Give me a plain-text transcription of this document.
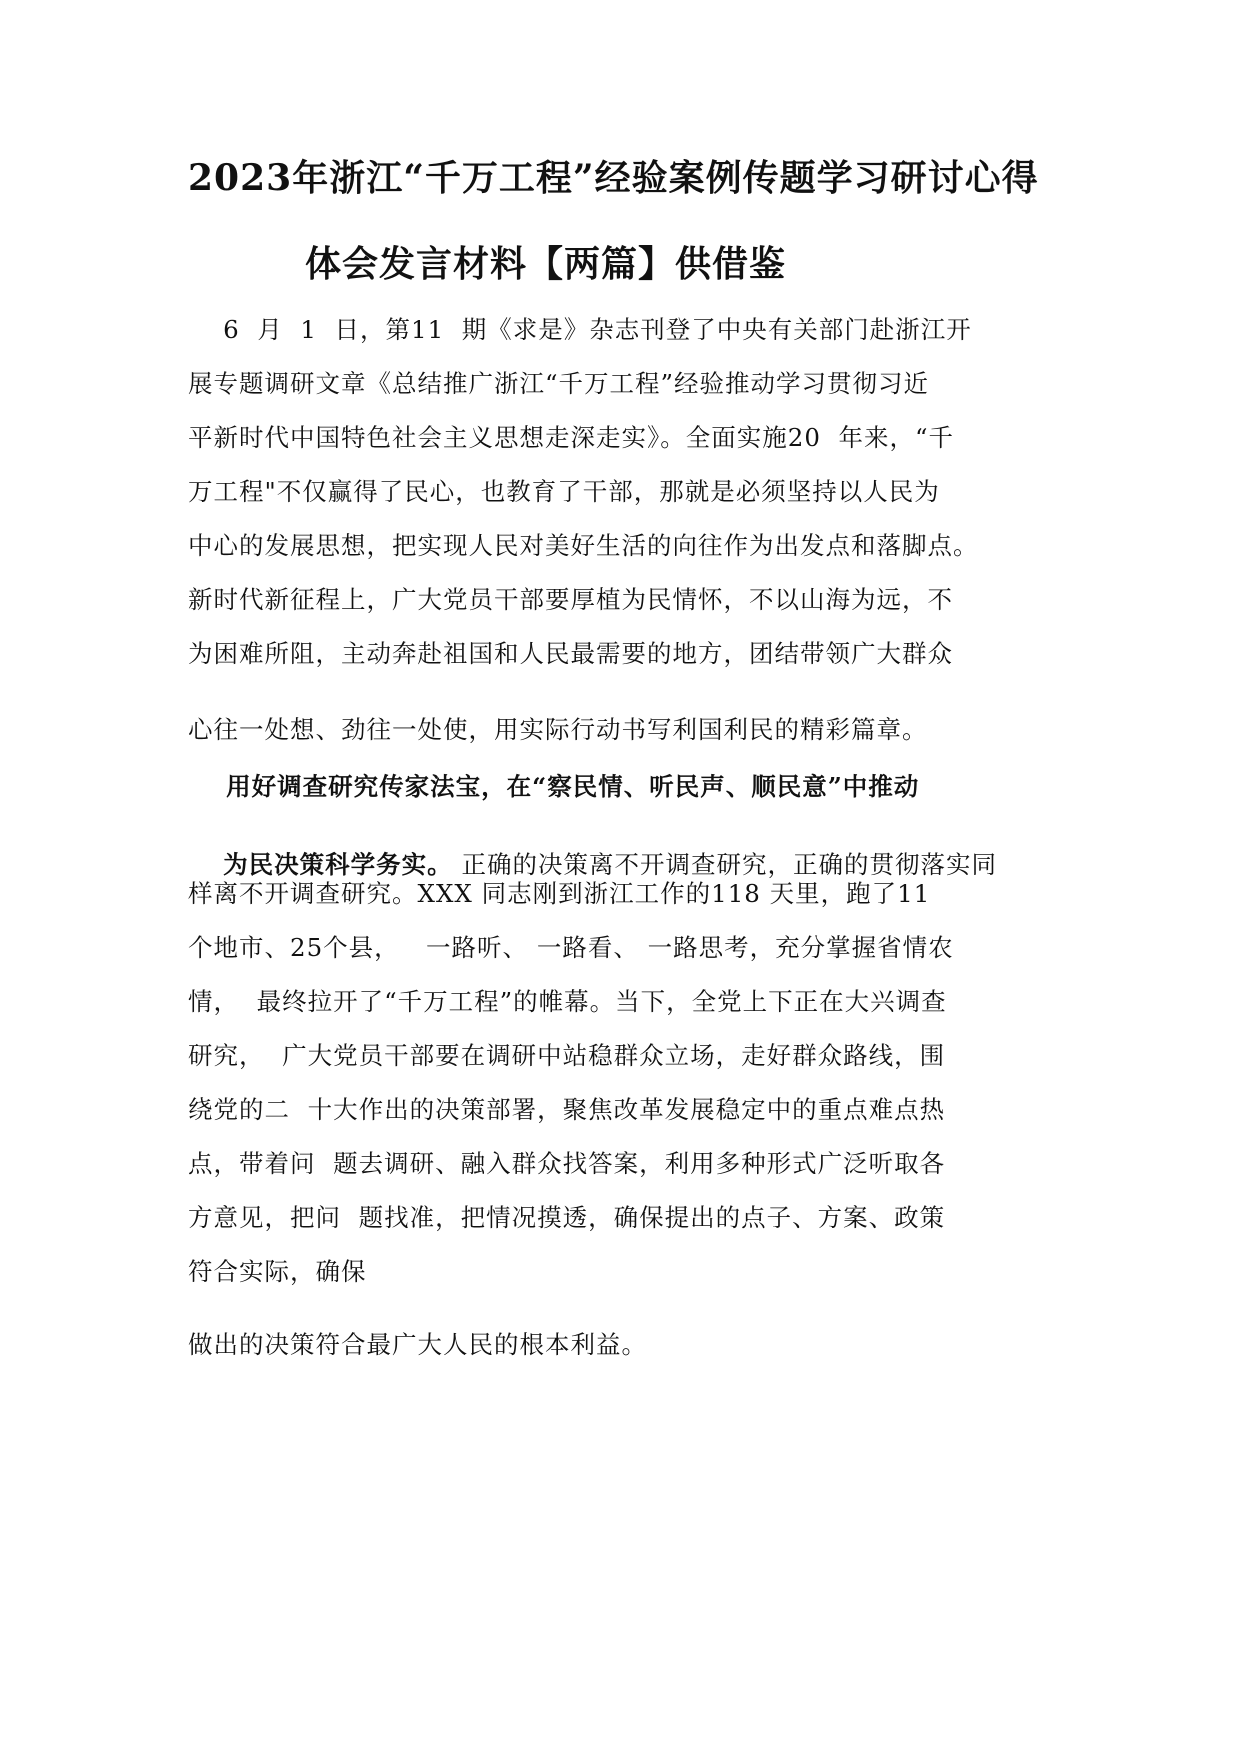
2023年浙江“千万工程”经验案例传题学习研讨心得
体会发言材料【两篇】供借鉴
6  月  1  日，第11  期《求是》杂志刊登了中央有关部门赴浙江开
展专题调研文章《总结推广浙江“千万工程”经验推动学习贯彻习近
平新时代中国特色社会主义思想走深走实》。全面实施20  年来，“千
万工程"不仅赢得了民心，也教育了干部，那就是必须坚持以人民为
中心的发展思想，把实现人民对美好生活的向往作为出发点和落脚点。
新时代新征程上，广大党员干部要厚植为民情怀，不以山海为远，不
为困难所阻，主动奔赴祖国和人民最需要的地方，团结带领广大群众
心往一处想、劲往一处使，用实际行动书写利国利民的精彩篇章。
用好调查研究传家法宝，在“察民情、听民声、顺民意”中推动

为民决策科学务实。 正确的决策离不开调查研究，正确的贯彻落实同

样离不开调查研究。XXX 同志刚到浙江工作的118 天里，跑了11
个地市、25个县，   一路听、 一路看、 一路思考，充分掌握省情农
情，  最终拉开了“千万工程”的帷幕。当下，全党上下正在大兴调查
研究，  广大党员干部要在调研中站稳群众立场，走好群众路线，围
绕党的二  十大作出的决策部署，聚焦改革发展稳定中的重点难点热
点，带着问  题去调研、融入群众找答案，利用多种形式广泛听取各
方意见，把问  题找准，把情况摸透，确保提出的点子、方案、政策
符合实际，确保
做出的决策符合最广大人民的根本利益。
